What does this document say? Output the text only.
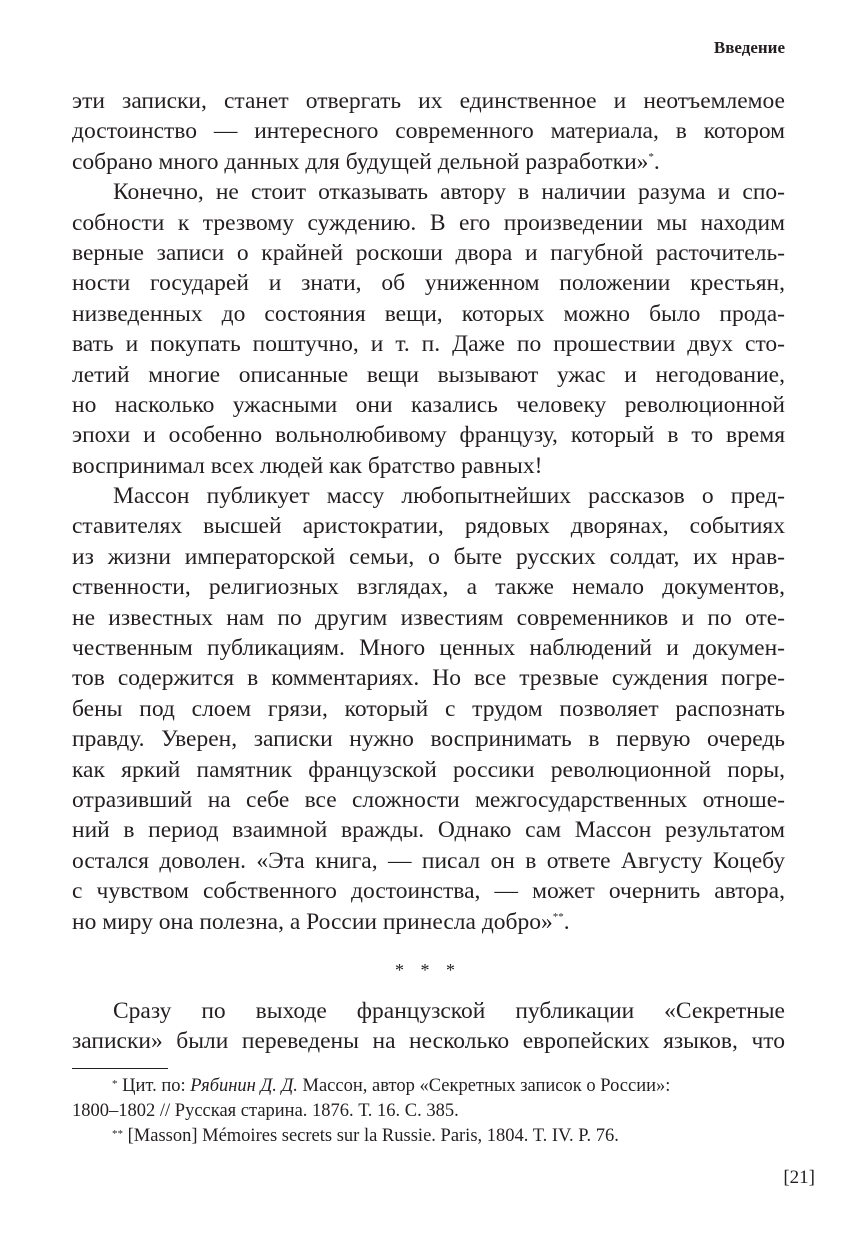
Введение
эти записки, станет отвергать их единственное и неотъемлемое
достоинство — интересного современного материала, в котором
собрано много данных для будущей дельной разработки»*.
Конечно, не стоит отказывать автору в наличии разума и спо-
собности к трезвому суждению. В его произведении мы находим
верные записи о крайней роскоши двора и пагубной расточитель-
ности государей и знати, об униженном положении крестьян,
низведенных до состояния вещи, которых можно было прода-
вать и покупать поштучно, и т. п. Даже по прошествии двух сто-
летий многие описанные вещи вызывают ужас и негодование,
но насколько ужасными они казались человеку революционной
эпохи и особенно вольнолюбивому французу, который в то время
воспринимал всех людей как братство равных!
Массон публикует массу любопытнейших рассказов о пред-
ставителях высшей аристократии, рядовых дворянах, событиях
из жизни императорской семьи, о быте русских солдат, их нрав-
ственности, религиозных взглядах, а также немало документов,
не известных нам по другим известиям современников и по оте-
чественным публикациям. Много ценных наблюдений и докумен-
тов содержится в комментариях. Но все трезвые суждения погре-
бены под слоем грязи, который с трудом позволяет распознать
правду. Уверен, записки нужно воспринимать в первую очередь
как яркий памятник французской россики революционной поры,
отразивший на себе все сложности межгосударственных отноше-
ний в период взаимной вражды. Однако сам Массон результатом
остался доволен. «Эта книга, — писал он в ответе Августу Коцебу
с чувством собственного достоинства, — может очернить автора,
но миру она полезна, а России принесла добро»**.
* * *
Сразу по выходе французской публикации «Секретные
записки» были переведены на несколько европейских языков, что
* Цит. по: Рябинин Д. Д. Массон, автор «Секретных записок о России»:
1800–1802 // Русская старина. 1876. Т. 16. С. 385.
** [Masson] Mémoires secrets sur la Russie. Paris, 1804. T. IV. P. 76.
[21]
